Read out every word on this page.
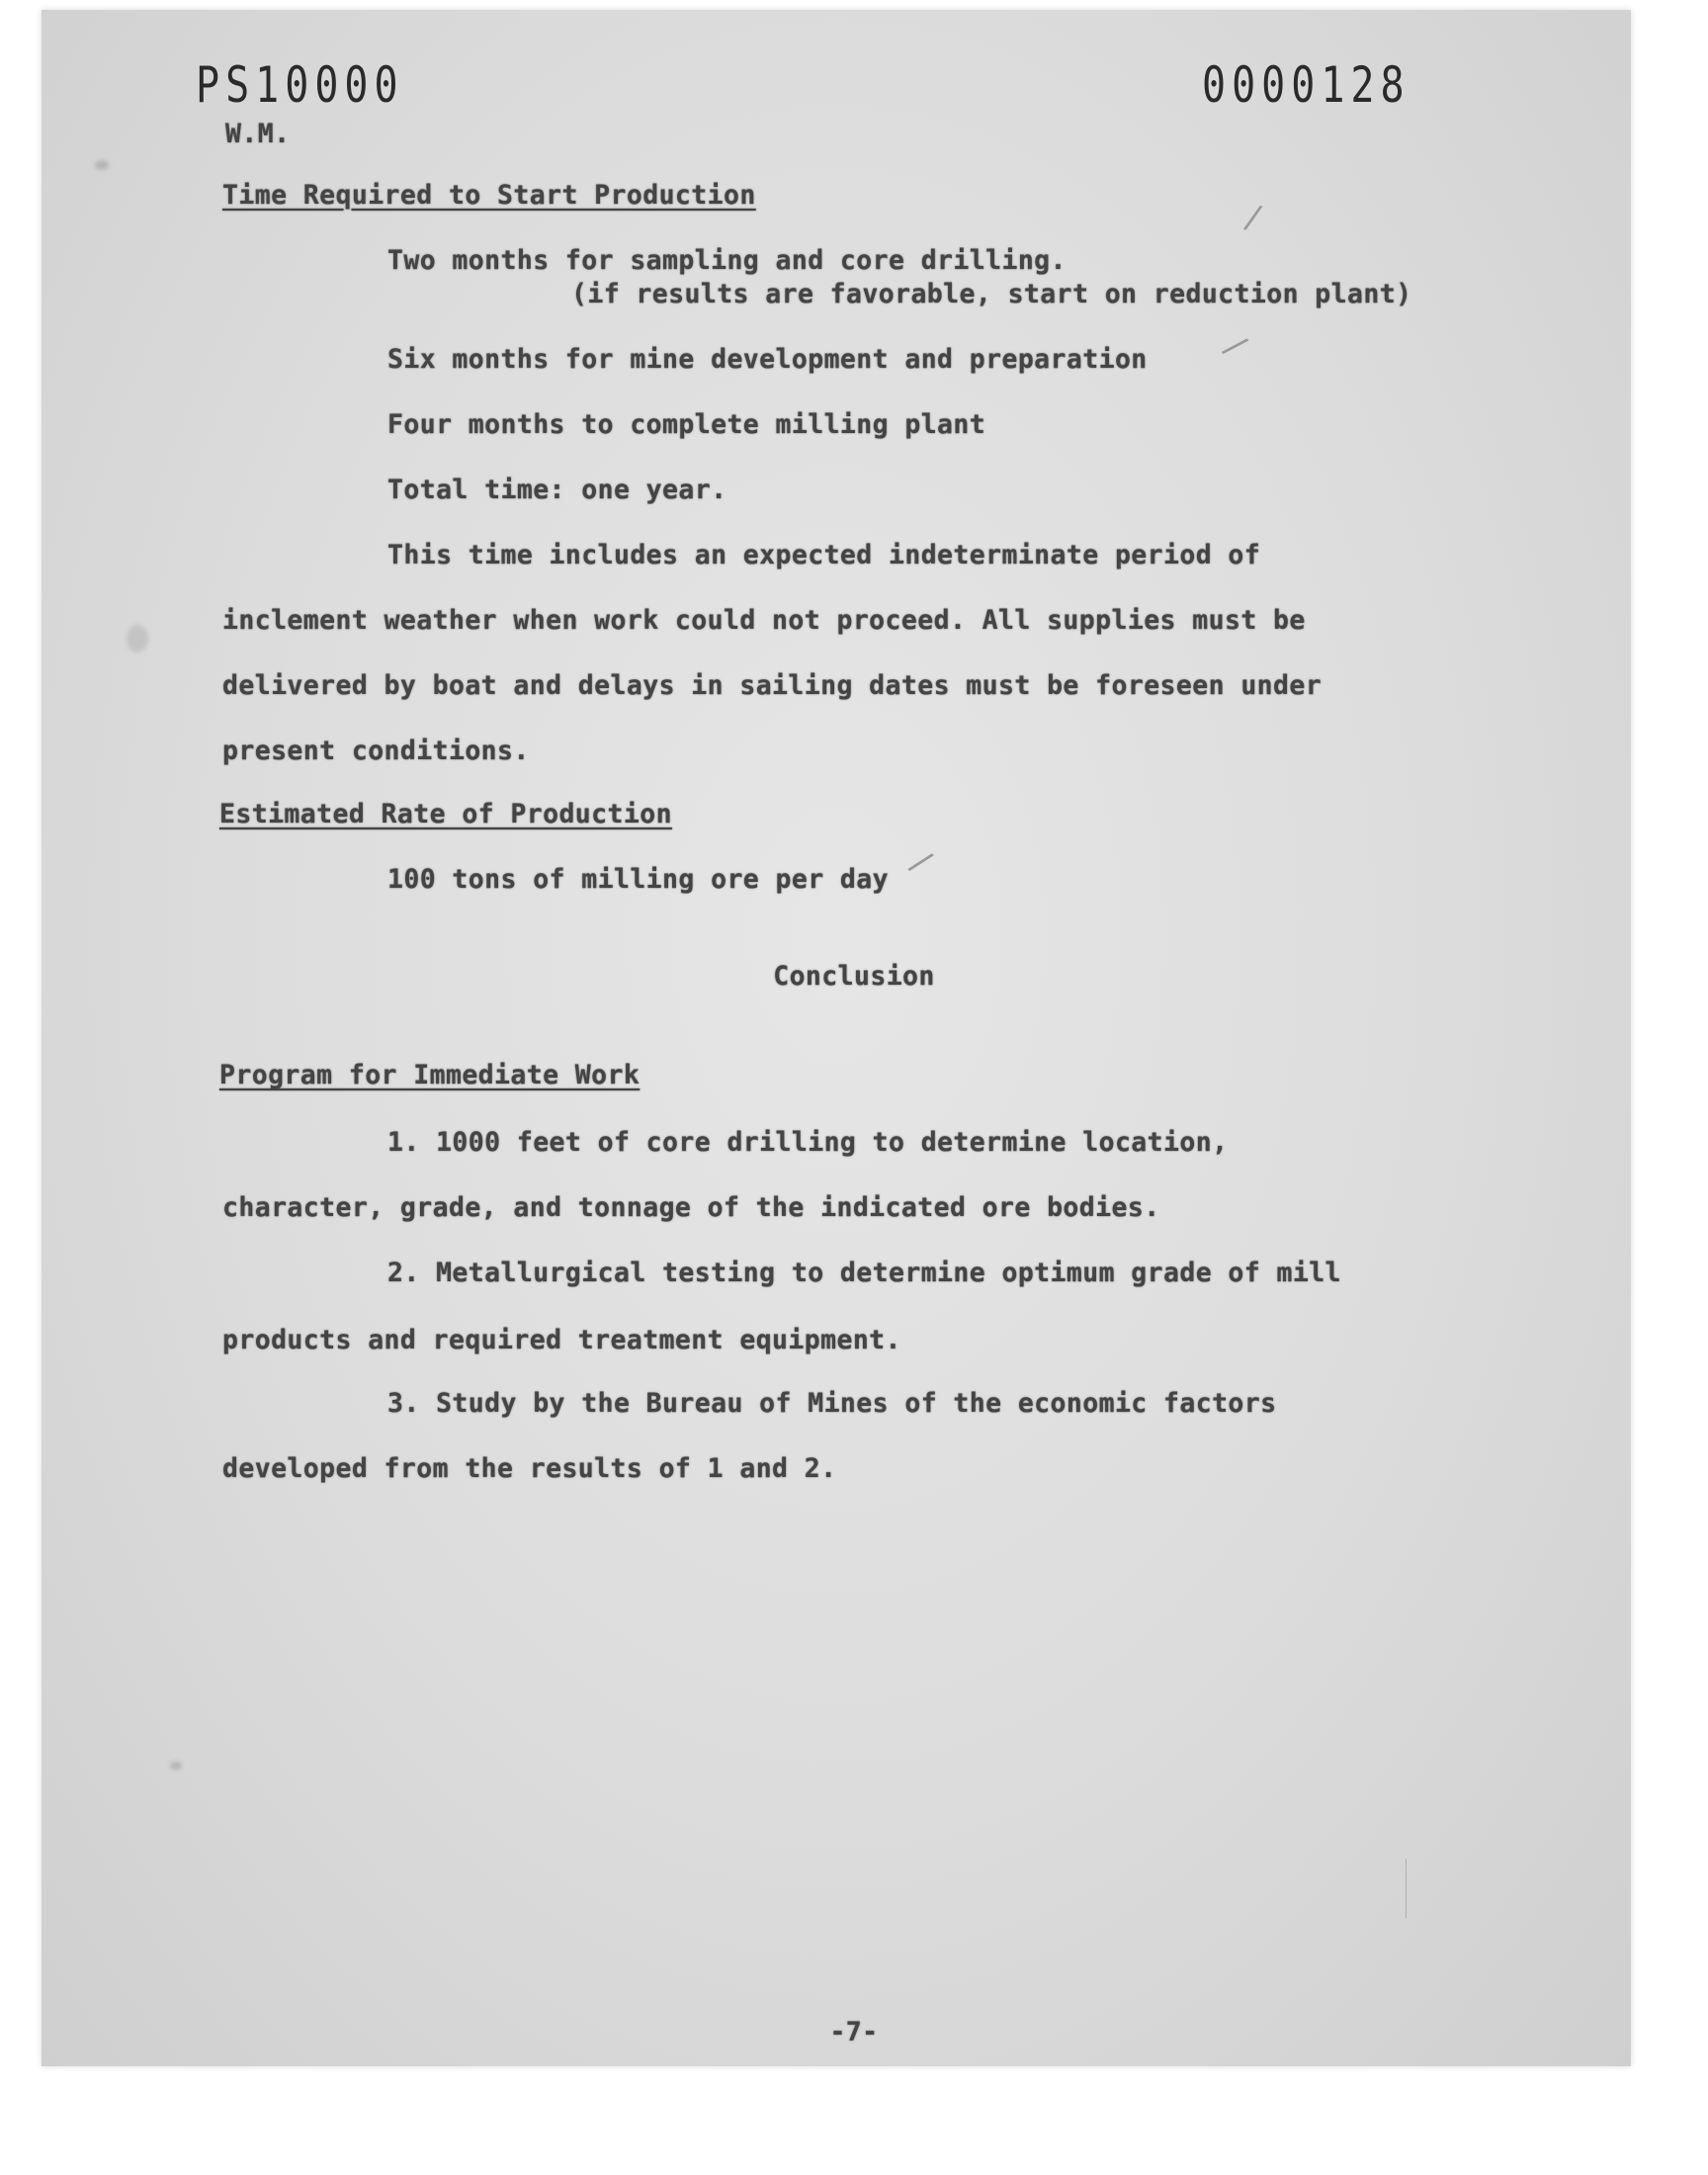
PS10000	0000128
W.M.
Time Required to Start Production
Two months for sampling and core drilling.
(if results are favorable, start on reduction plant)
Six months for mine development and preparation
Four months to complete milling plant
Total time: one year.
This time includes an expected indeterminate period of
inclement weather when work could not proceed. All supplies must be
delivered by boat and delays in sailing dates must be foreseen under
present conditions.
Estimated Rate of Production
100 tons of milling ore per day
Conclusion
Program for Immediate Work
1. 1000 feet of core drilling to determine location,
character, grade, and tonnage of the indicated ore bodies.
2. Metallurgical testing to determine optimum grade of mill
products and required treatment equipment.
3. Study by the Bureau of Mines of the economic factors
developed from the results of 1 and 2.
-7-
/
/
/
